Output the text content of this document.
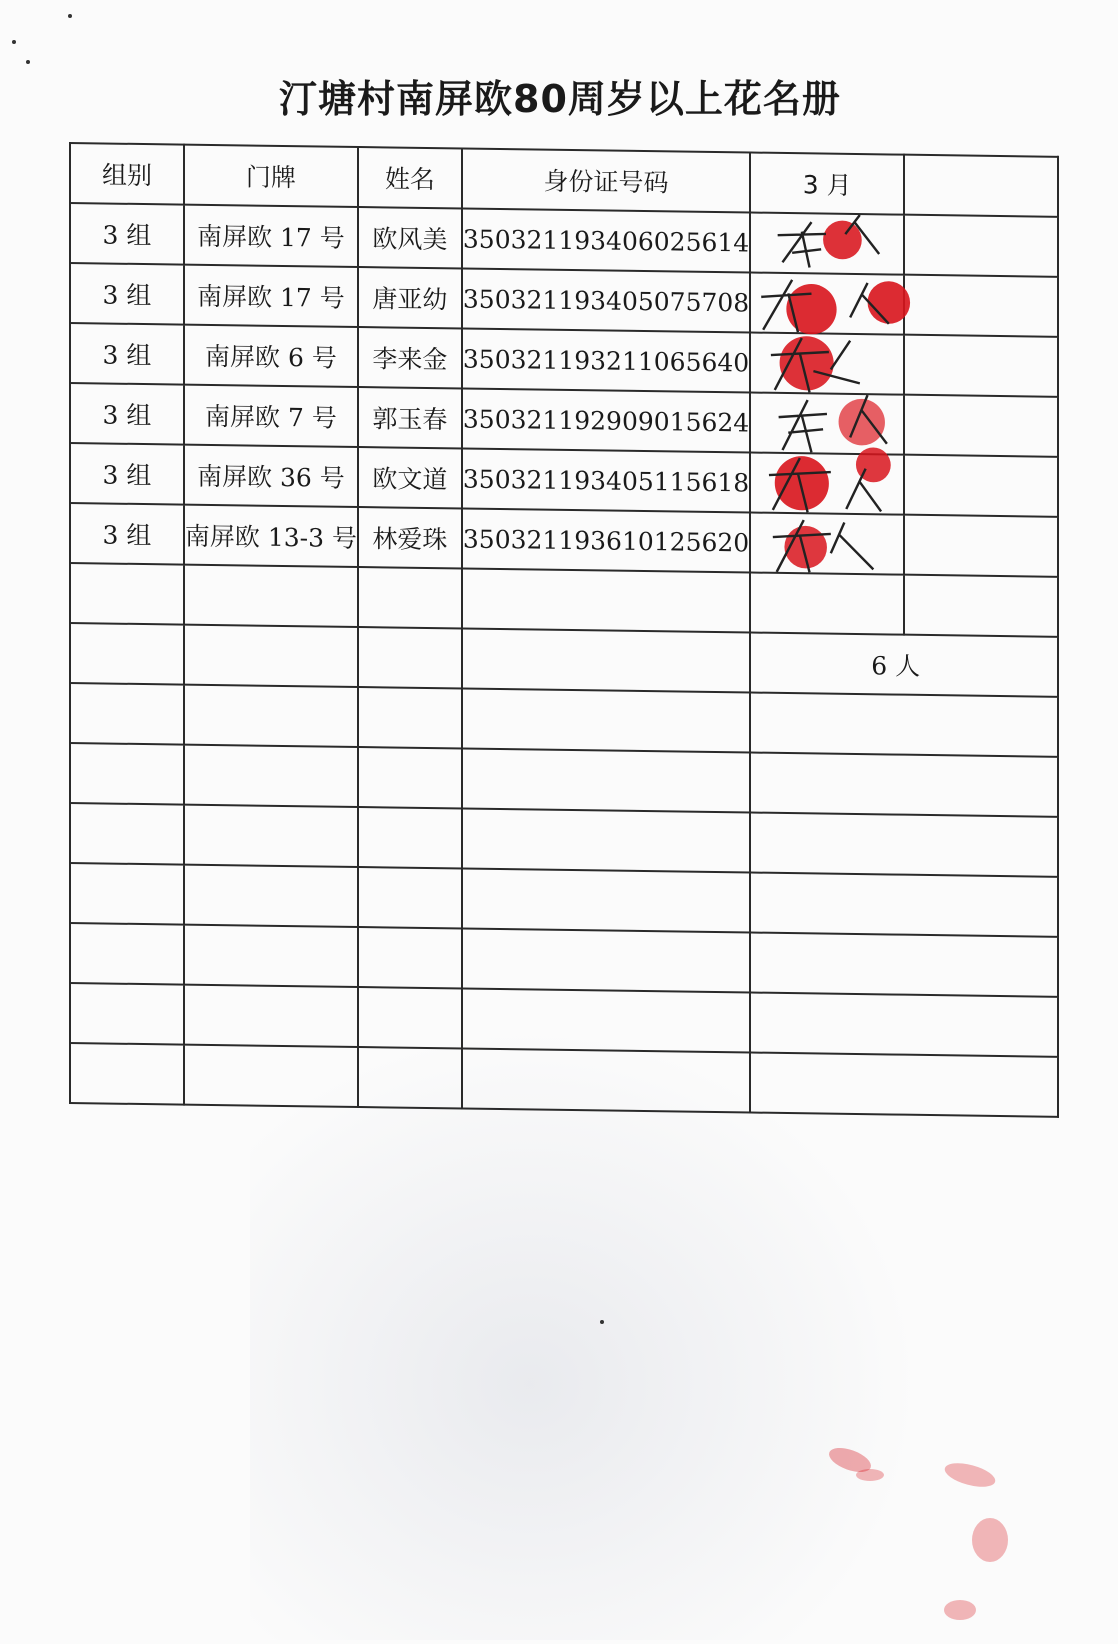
汀塘村南屏欧80周岁以上花名册
组别	门牌	姓名	身份证号码	3 月	
3 组	南屏欧 17 号	欧风美	350321193406025614	

3 组	南屏欧 17 号	唐亚幼	350321193405075708	

3 组	南屏欧 6 号	李来金	350321193211065640	

3 组	南屏欧 7 号	郭玉春	350321192909015624	

3 组	南屏欧 36 号	欧文道	350321193405115618	

3 组	南屏欧 13-3 号	林爱珠	350321193610125620	

				6 人	
